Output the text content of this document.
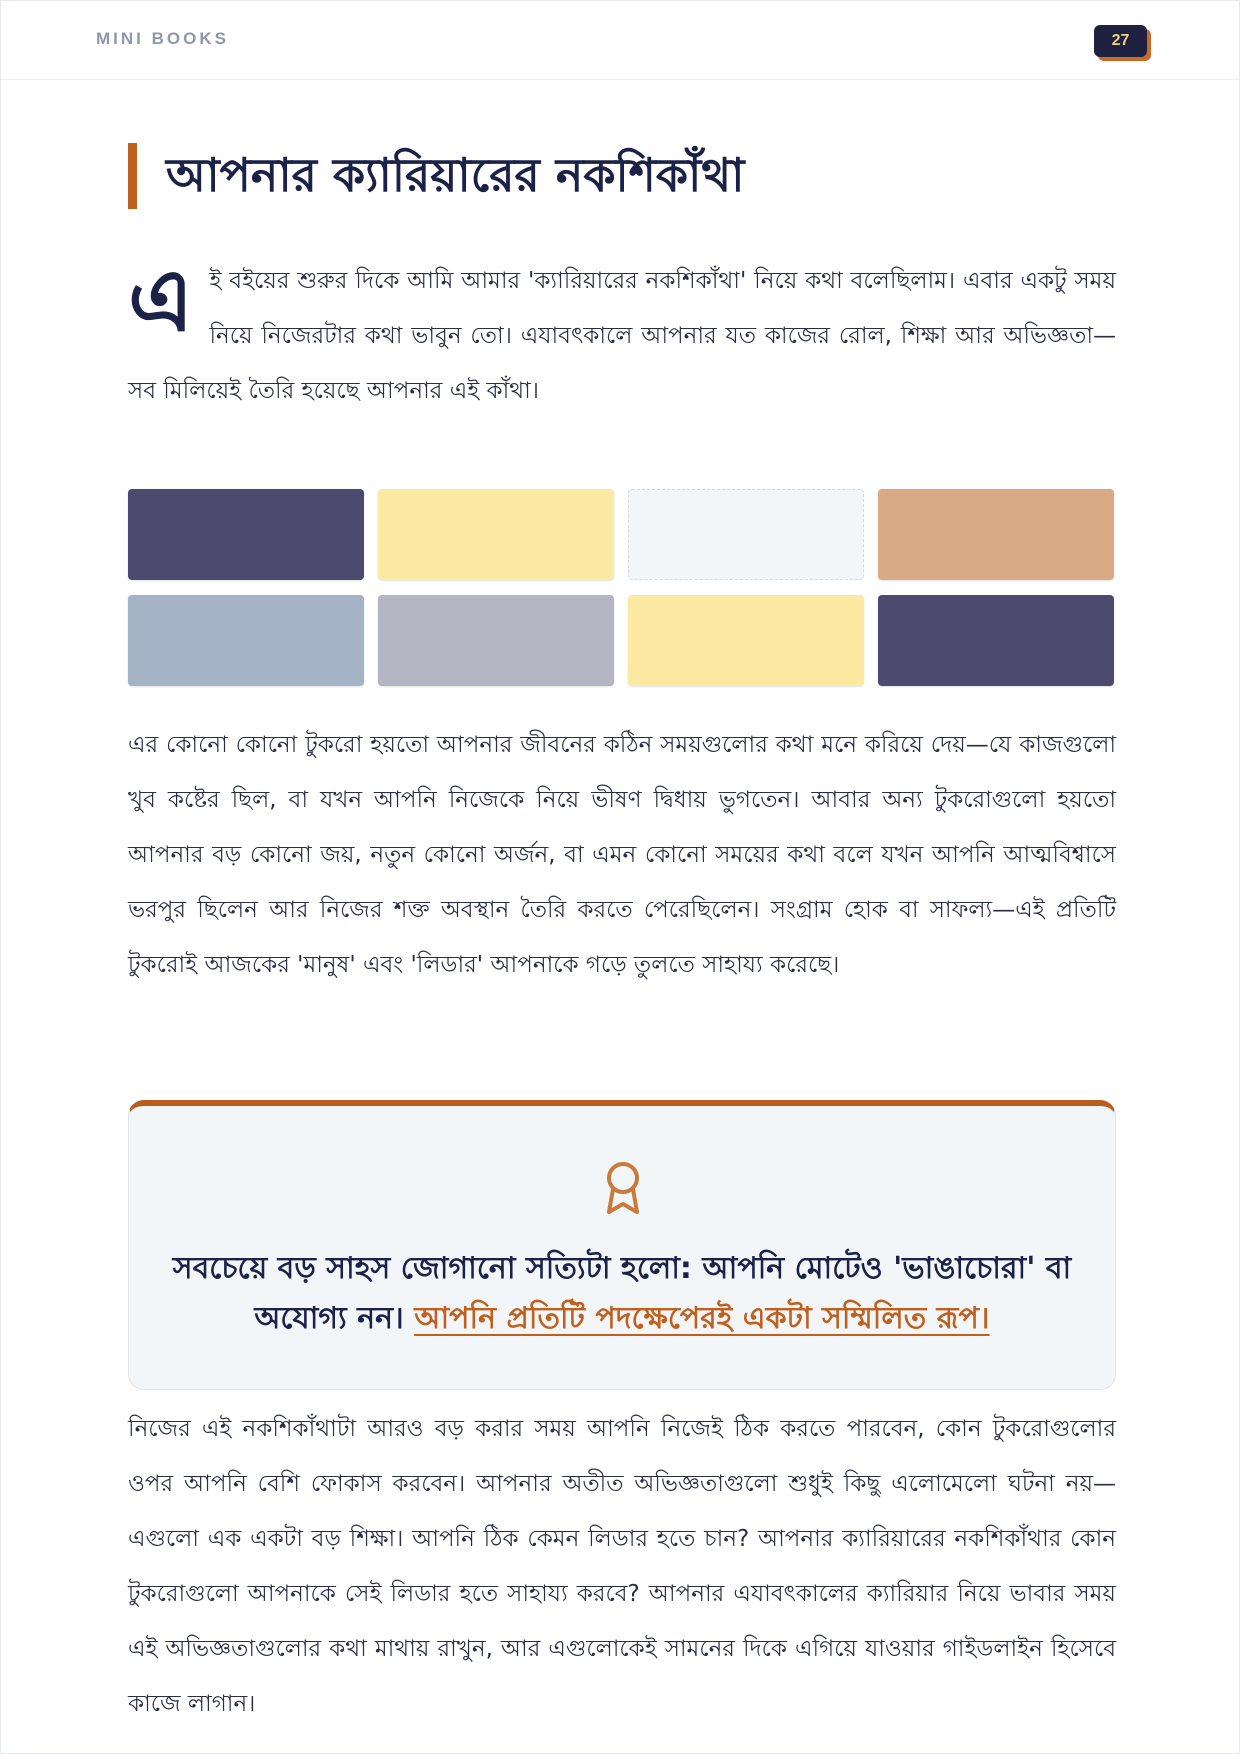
MINI BOOKS	27
আপনার ক্যারিয়ারের নকশিকাঁথা

এই বইয়ের শুরুর দিকে আমি আমার 'ক্যারিয়ারের নকশিকাঁথা' নিয়ে কথা বলেছিলাম। এবার একটু সময় নিয়ে নিজেরটার কথা ভাবুন তো। এযাবৎকালে আপনার যত কাজের রোল, শিক্ষা আর অভিজ্ঞতা—সব মিলিয়েই তৈরি হয়েছে আপনার এই কাঁথা।

এর কোনো কোনো টুকরো হয়তো আপনার জীবনের কঠিন সময়গুলোর কথা মনে করিয়ে দেয়—যে কাজগুলো খুব কষ্টের ছিল, বা যখন আপনি নিজেকে নিয়ে ভীষণ দ্বিধায় ভুগতেন। আবার অন্য টুকরোগুলো হয়তো আপনার বড় কোনো জয়, নতুন কোনো অর্জন, বা এমন কোনো সময়ের কথা বলে যখন আপনি আত্মবিশ্বাসে ভরপুর ছিলেন আর নিজের শক্ত অবস্থান তৈরি করতে পেরেছিলেন। সংগ্রাম হোক বা সাফল্য—এই প্রতিটি টুকরোই আজকের 'মানুষ' এবং 'লিডার' আপনাকে গড়ে তুলতে সাহায্য করেছে।

সবচেয়ে বড় সাহস জোগানো সত্যিটা হলো: আপনি মোটেও 'ভাঙাচোরা' বা অযোগ্য নন। আপনি প্রতিটি পদক্ষেপেরই একটা সম্মিলিত রূপ।

নিজের এই নকশিকাঁথাটা আরও বড় করার সময় আপনি নিজেই ঠিক করতে পারবেন, কোন টুকরোগুলোর ওপর আপনি বেশি ফোকাস করবেন। আপনার অতীত অভিজ্ঞতাগুলো শুধুই কিছু এলোমেলো ঘটনা নয়—এগুলো এক একটা বড় শিক্ষা। আপনি ঠিক কেমন লিডার হতে চান? আপনার ক্যারিয়ারের নকশিকাঁথার কোন টুকরোগুলো আপনাকে সেই লিডার হতে সাহায্য করবে? আপনার এযাবৎকালের ক্যারিয়ার নিয়ে ভাবার সময় এই অভিজ্ঞতাগুলোর কথা মাথায় রাখুন, আর এগুলোকেই সামনের দিকে এগিয়ে যাওয়ার গাইডলাইন হিসেবে কাজে লাগান।
